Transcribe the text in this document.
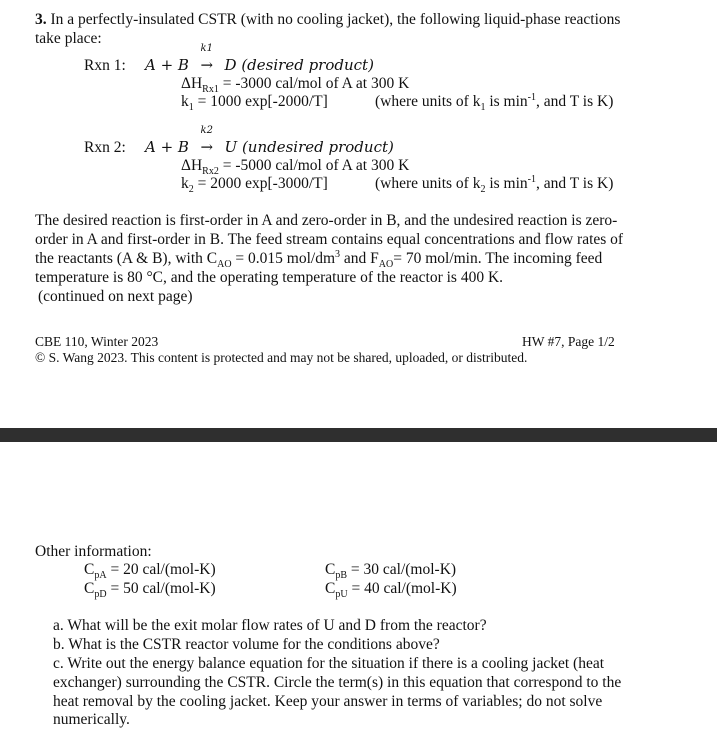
3. In a perfectly-insulated CSTR (with no cooling jacket), the following liquid-phase reactions
take place:
Rxn 1: A + B
k1
→ D (desired product)
$\Delta H_{Rx1} = -3000$ cal/mol of A at 300 K
$k_1 = 1000$ exp[-2000/T]	(where units of $k_1$ is $\min^{-1}$, and T is K)
Rxn 2: A + B
k2
→ U (undesired product)
$\Delta H_{Rx2} = -5000$ cal/mol of A at 300 K
$k_2 = 2000$ exp[-3000/T]	(where units of $k_2$ is $\min^{-1}$, and T is K)
The desired reaction is first-order in A and zero-order in B, and the undesired reaction is zero-
order in A and first-order in B. The feed stream contains equal concentrations and flow rates of
the reactants (A & B), with $C_{AO} = 0.015$ mol/$dm^3$ and $F_{AO}= 70$ mol/min. The incoming feed
temperature is 80 °C, and the operating temperature of the reactor is 400 K.
(continued on next page)
CBE 110, Winter 2023	HW #7, Page 1/2
© S. Wang 2023. This content is protected and may not be shared, uploaded, or distributed.
Other information:
$C_{pA} = 20$ cal/(mol-K)	$C_{pB} = 30$ cal/(mol-K)
$C_{pD} = 50$ cal/(mol-K)	$C_{pU} = 40$ cal/(mol-K)
a. What will be the exit molar flow rates of U and D from the reactor?
b. What is the CSTR reactor volume for the conditions above?
c. Write out the energy balance equation for the situation if there is a cooling jacket (heat
exchanger) surrounding the CSTR. Circle the term(s) in this equation that correspond to the
heat removal by the cooling jacket. Keep your answer in terms of variables; do not solve
numerically.
